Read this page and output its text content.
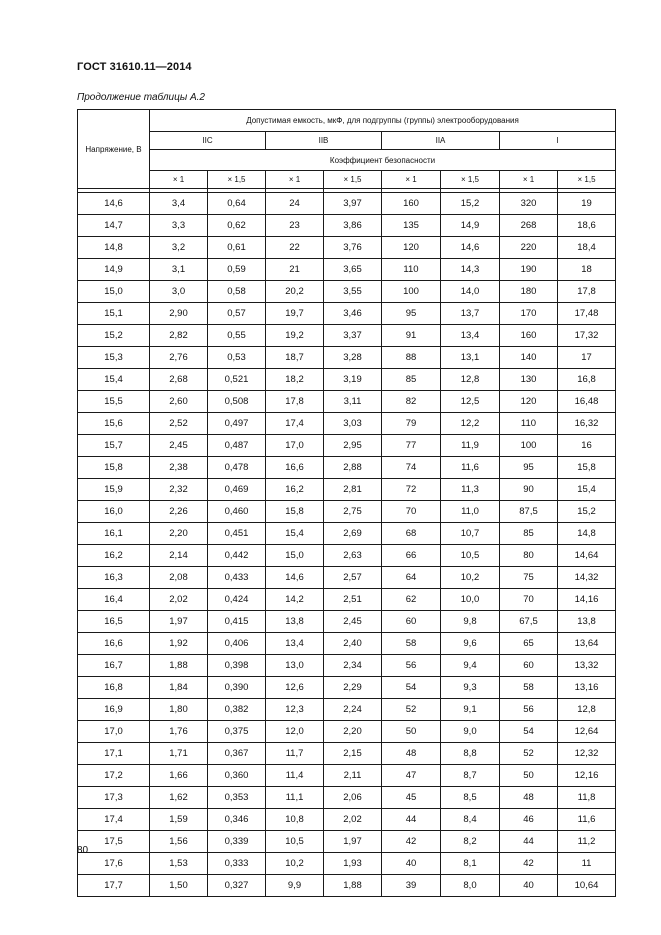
ГОСТ 31610.11—2014
Продолжение таблицы А.2
Напряжение, В	Допустимая емкость, мкФ, для подгруппы (группы) электрооборудования							
	IIC		IIB		IIA		I	
	Коэффициент безопасности							
	× 1	× 1,5	× 1	× 1,5	× 1	× 1,5	× 1	× 1,5

14,6	3,4	0,64	24	3,97	160	15,2	320	19
14,7	3,3	0,62	23	3,86	135	14,9	268	18,6
14,8	3,2	0,61	22	3,76	120	14,6	220	18,4
14,9	3,1	0,59	21	3,65	110	14,3	190	18
15,0	3,0	0,58	20,2	3,55	100	14,0	180	17,8
15,1	2,90	0,57	19,7	3,46	95	13,7	170	17,48
15,2	2,82	0,55	19,2	3,37	91	13,4	160	17,32
15,3	2,76	0,53	18,7	3,28	88	13,1	140	17
15,4	2,68	0,521	18,2	3,19	85	12,8	130	16,8
15,5	2,60	0,508	17,8	3,11	82	12,5	120	16,48
15,6	2,52	0,497	17,4	3,03	79	12,2	110	16,32
15,7	2,45	0,487	17,0	2,95	77	11,9	100	16
15,8	2,38	0,478	16,6	2,88	74	11,6	95	15,8
15,9	2,32	0,469	16,2	2,81	72	11,3	90	15,4
16,0	2,26	0,460	15,8	2,75	70	11,0	87,5	15,2
16,1	2,20	0,451	15,4	2,69	68	10,7	85	14,8
16,2	2,14	0,442	15,0	2,63	66	10,5	80	14,64
16,3	2,08	0,433	14,6	2,57	64	10,2	75	14,32
16,4	2,02	0,424	14,2	2,51	62	10,0	70	14,16
16,5	1,97	0,415	13,8	2,45	60	9,8	67,5	13,8
16,6	1,92	0,406	13,4	2,40	58	9,6	65	13,64
16,7	1,88	0,398	13,0	2,34	56	9,4	60	13,32
16,8	1,84	0,390	12,6	2,29	54	9,3	58	13,16
16,9	1,80	0,382	12,3	2,24	52	9,1	56	12,8
17,0	1,76	0,375	12,0	2,20	50	9,0	54	12,64
17,1	1,71	0,367	11,7	2,15	48	8,8	52	12,32
17,2	1,66	0,360	11,4	2,11	47	8,7	50	12,16
17,3	1,62	0,353	11,1	2,06	45	8,5	48	11,8
17,4	1,59	0,346	10,8	2,02	44	8,4	46	11,6
17,5	1,56	0,339	10,5	1,97	42	8,2	44	11,2
17,6	1,53	0,333	10,2	1,93	40	8,1	42	11
17,7	1,50	0,327	9,9	1,88	39	8,0	40	10,64
80
